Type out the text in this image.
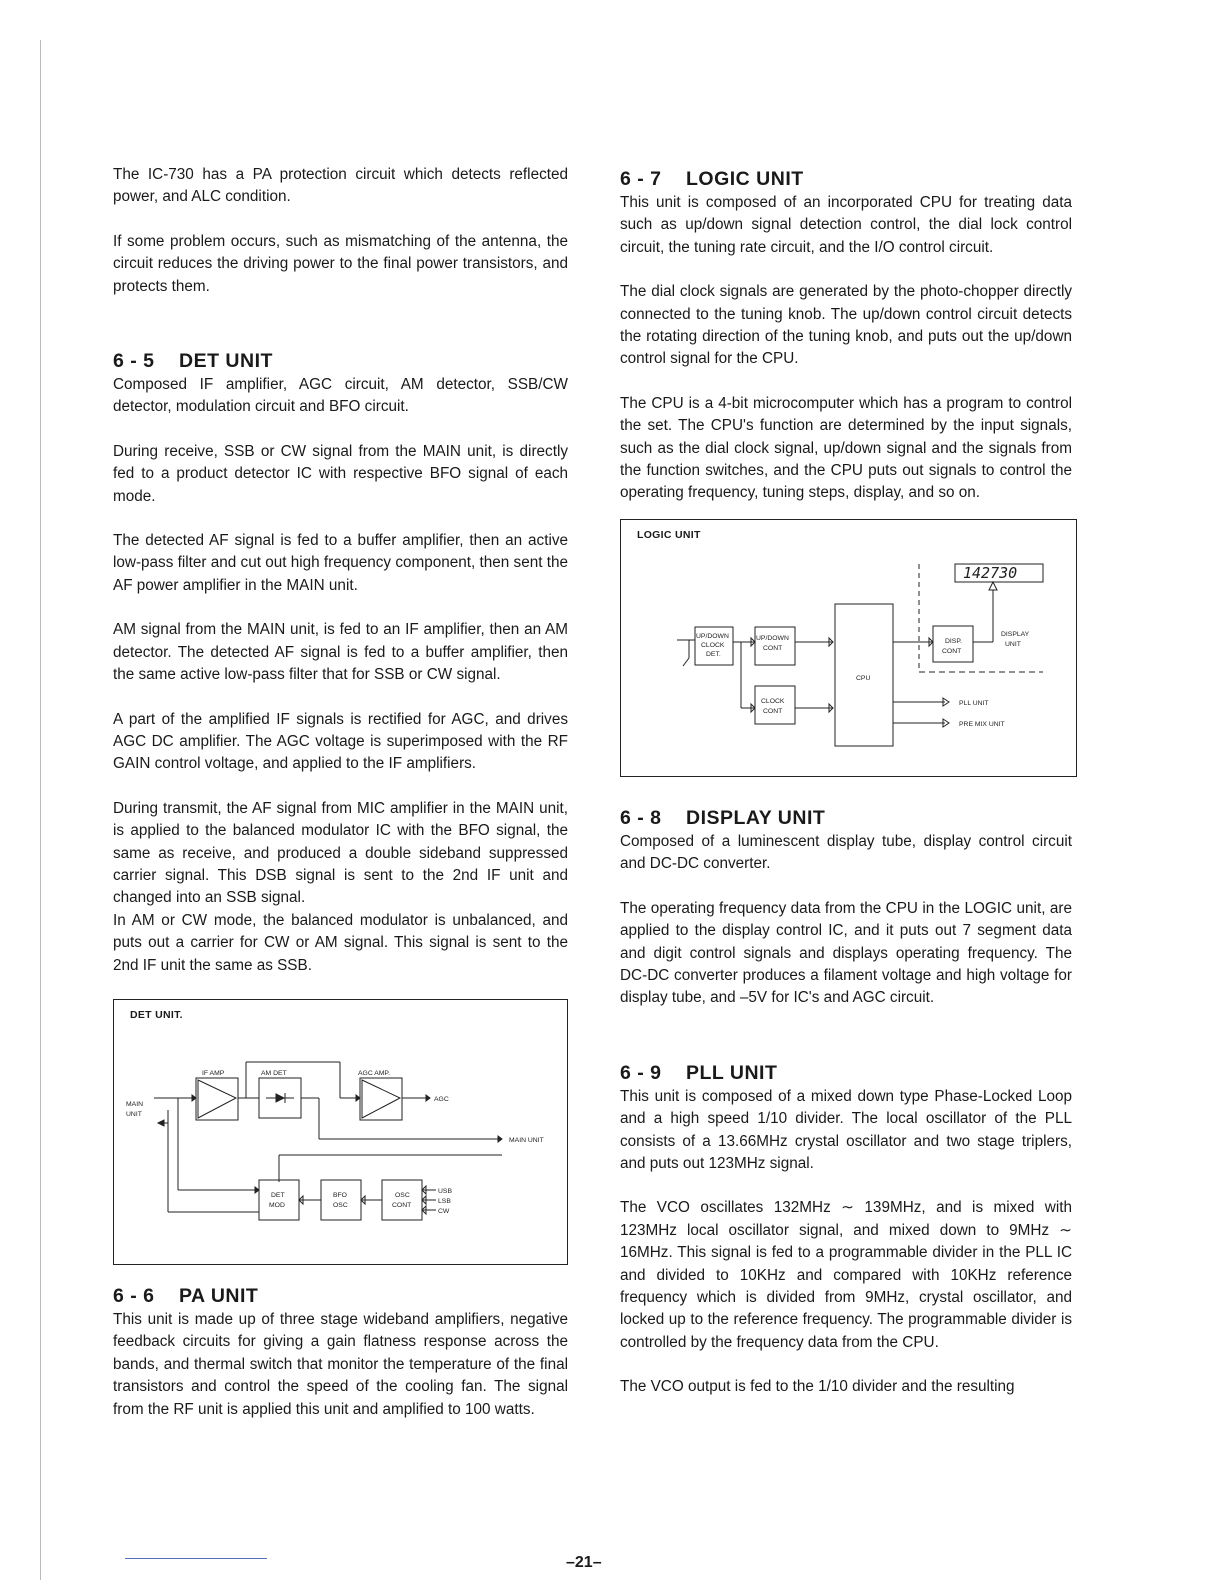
The IC-730 has a PA protection circuit which detects reflected power, and ALC condition.

If some problem occurs, such as mismatching of the antenna, the circuit reduces the driving power to the final power transistors, and protects them.

6 - 5 DET UNIT

Composed IF amplifier, AGC circuit, AM detector, SSB/CW detector, modulation circuit and BFO circuit.

During receive, SSB or CW signal from the MAIN unit, is directly fed to a product detector IC with respective BFO signal of each mode.

The detected AF signal is fed to a buffer amplifier, then an active low-pass filter and cut out high frequency component, then sent the AF power amplifier in the MAIN unit.

AM signal from the MAIN unit, is fed to an IF amplifier, then an AM detector. The detected AF signal is fed to a buffer amplifier, then the same active low-pass filter that for SSB or CW signal.

A part of the amplified IF signals is rectified for AGC, and drives AGC DC amplifier. The AGC voltage is superimposed with the RF GAIN control voltage, and applied to the IF amplifiers.

During transmit, the AF signal from MIC amplifier in the MAIN unit, is applied to the balanced modulator IC with the BFO signal, the same as receive, and produced a double sideband suppressed carrier signal. This DSB signal is sent to the 2nd IF unit and changed into an SSB signal.

In AM or CW mode, the balanced modulator is unbalanced, and puts out a carrier for CW or AM signal. This signal is sent to the 2nd IF unit the same as SSB.

DET UNIT.
IF AMP	AM DET	AGC AMP.
AGC
MAIN
UNIT
MAIN UNIT
DET
MOD
BFO
OSC
OSC
CONT
USB
LSB
CW
6 - 6 PA UNIT

This unit is made up of three stage wideband amplifiers, negative feedback circuits for giving a gain flatness response across the bands, and thermal switch that monitor the temperature of the final transistors and control the speed of the cooling fan. The signal from the RF unit is applied this unit and amplified to 100 watts.

6 - 7 LOGIC UNIT

This unit is composed of an incorporated CPU for treating data such as up/down signal detection control, the dial lock control circuit, the tuning rate circuit, and the I/O control circuit.

The dial clock signals are generated by the photo-chopper directly connected to the tuning knob. The up/down control circuit detects the rotating direction of the tuning knob, and puts out the up/down control signal for the CPU.

The CPU is a 4-bit microcomputer which has a program to control the set. The CPU's function are determined by the input signals, such as the dial clock signal, up/down signal and the signals from the function switches, and the CPU puts out signals to control the operating frequency, tuning steps, display, and so on.

LOGIC UNIT
142730
UP/DOWN
CLOCK
DET.
UP/DOWN
CONT
CLOCK
CONT
CPU
DISP.
CONT
DISPLAY
UNIT
PLL UNIT
PRE MIX UNIT
6 - 8 DISPLAY UNIT

Composed of a luminescent display tube, display control circuit and DC-DC converter.

The operating frequency data from the CPU in the LOGIC unit, are applied to the display control IC, and it puts out 7 segment data and digit control signals and displays operating frequency. The DC-DC converter produces a filament voltage and high voltage for display tube, and –5V for IC's and AGC circuit.

6 - 9 PLL UNIT

This unit is composed of a mixed down type Phase-Locked Loop and a high speed 1/10 divider. The local oscillator of the PLL consists of a 13.66MHz crystal oscillator and two stage triplers, and puts out 123MHz signal.

The VCO oscillates 132MHz ∼ 139MHz, and is mixed with 123MHz local oscillator signal, and mixed down to 9MHz ∼ 16MHz. This signal is fed to a programmable divider in the PLL IC and divided to 10KHz and compared with 10KHz reference frequency which is divided from 9MHz, crystal oscillator, and locked up to the reference frequency. The programmable divider is controlled by the frequency data from the CPU.

The VCO output is fed to the 1/10 divider and the resulting

–21–
